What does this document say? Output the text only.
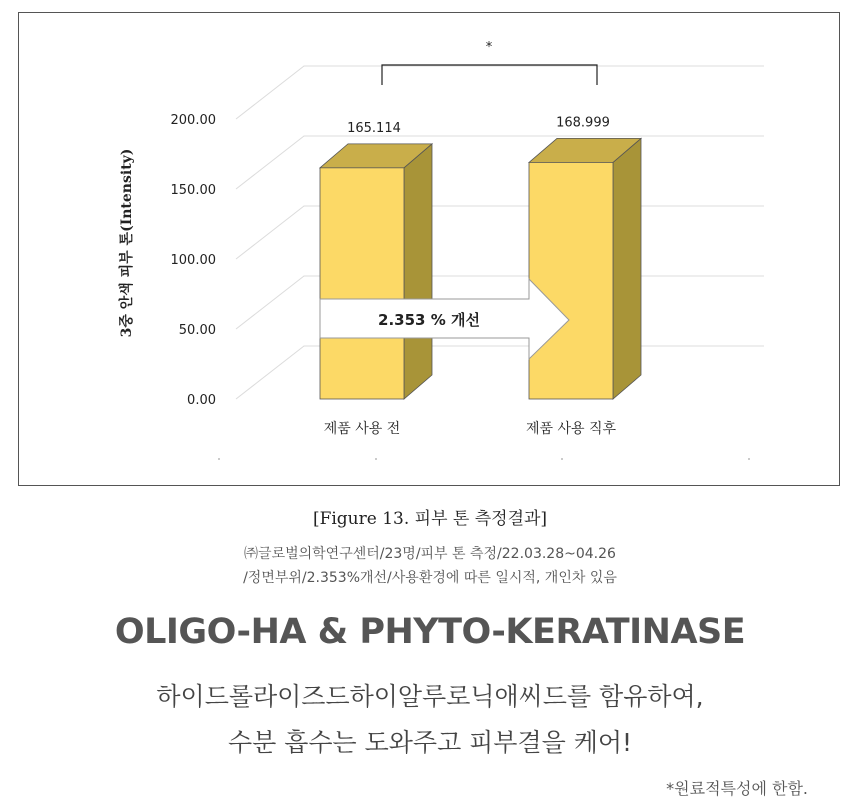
0.00
50.00
100.00
150.00
200.00
165.114
제품 사용 전
168.999
제품 사용 직후
2.353 % 개선
*
3중 안색 피부 톤(Intensity)
[Figure 13. 피부 톤 측정결과]
㈜글로벌의학연구센터/23명/피부 톤 측정/22.03.28~04.26
/정면부위/2.353%개선/사용환경에 따른 일시적, 개인차 있음
OLIGO-HA & PHYTO-KERATINASE
하이드롤라이즈드하이알루로닉애씨드를 함유하여,
수분 흡수는 도와주고 피부결을 케어!
*원료적특성에 한함.
